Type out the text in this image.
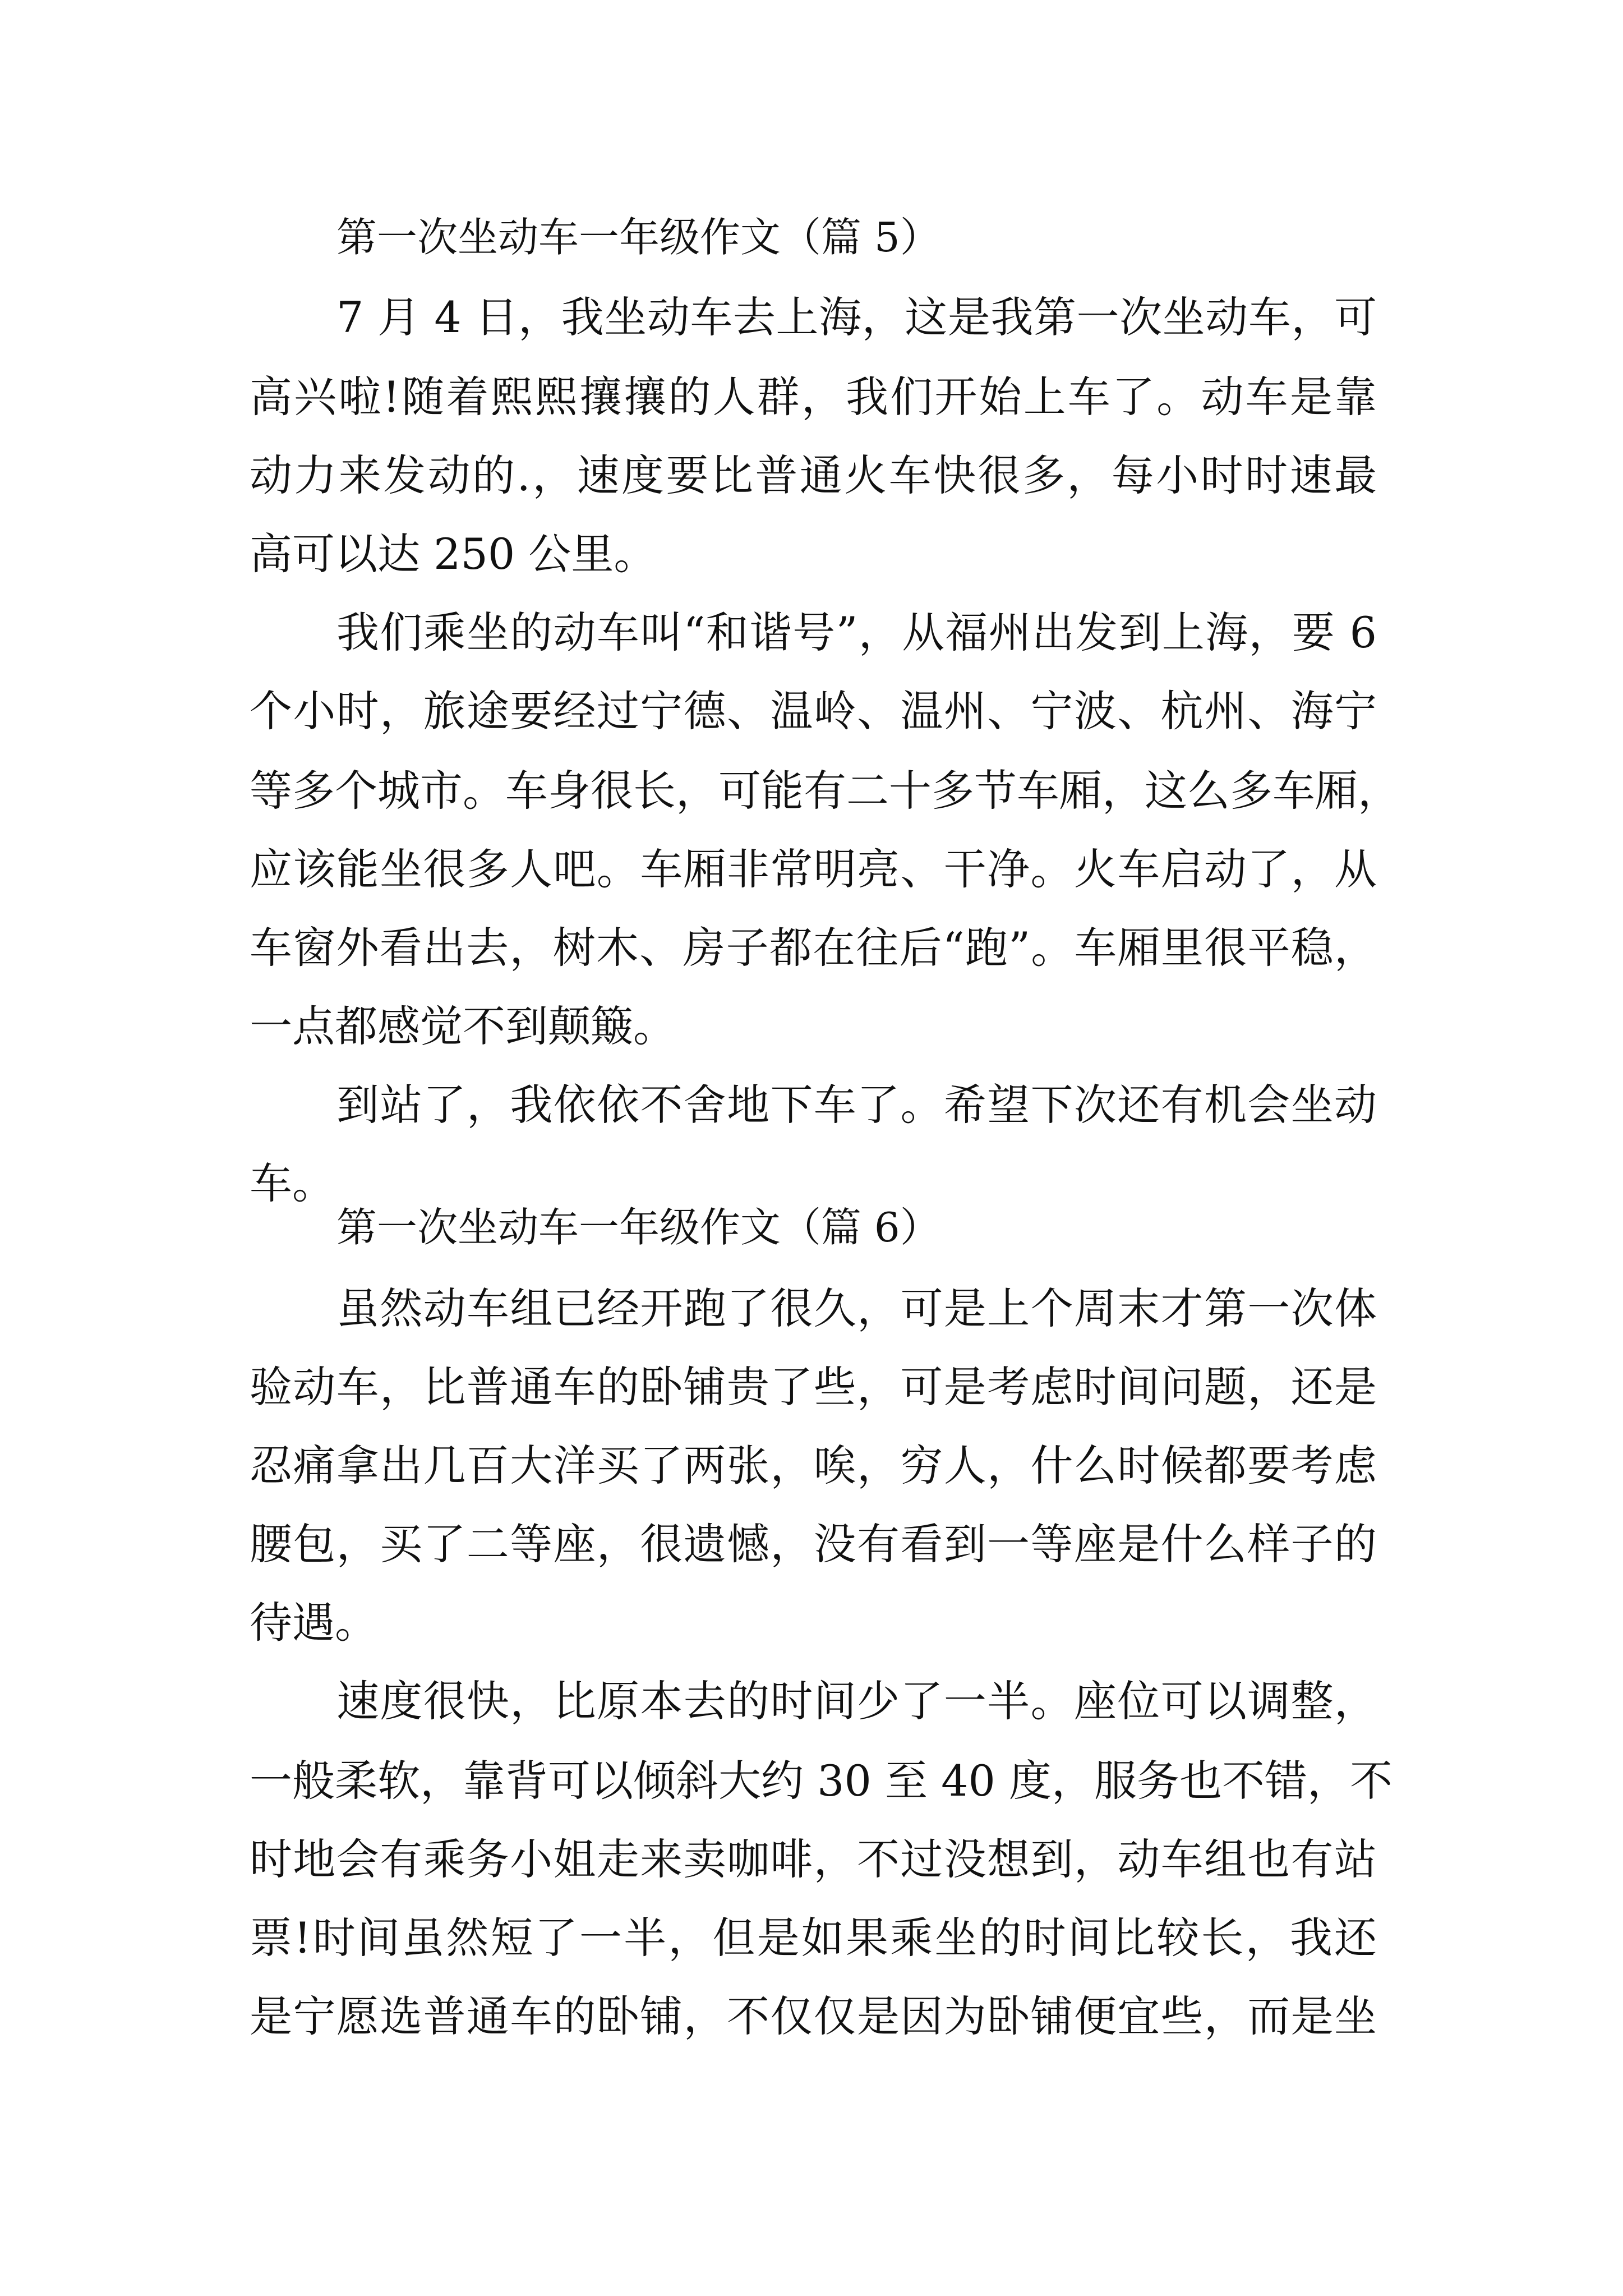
第一次坐动车一年级作文（篇 5）
7 月 4 日，我坐动车去上海，这是我第一次坐动车，可
高兴啦!随着熙熙攘攘的人群，我们开始上车了。动车是靠
动力来发动的.，速度要比普通火车快很多，每小时时速最
高可以达 250 公里。
我们乘坐的动车叫“和谐号”，从福州出发到上海，要 6
个小时，旅途要经过宁德、温岭、温州、宁波、杭州、海宁
等多个城市。车身很长，可能有二十多节车厢，这么多车厢，
应该能坐很多人吧。车厢非常明亮、干净。火车启动了，从
车窗外看出去，树木、房子都在往后“跑”。车厢里很平稳，
一点都感觉不到颠簸。
到站了，我依依不舍地下车了。希望下次还有机会坐动
车。
第一次坐动车一年级作文（篇 6）
虽然动车组已经开跑了很久，可是上个周末才第一次体
验动车，比普通车的卧铺贵了些，可是考虑时间问题，还是
忍痛拿出几百大洋买了两张，唉，穷人，什么时候都要考虑
腰包，买了二等座，很遗憾，没有看到一等座是什么样子的
待遇。
速度很快，比原本去的时间少了一半。座位可以调整，
一般柔软，靠背可以倾斜大约 30 至 40 度，服务也不错，不
时地会有乘务小姐走来卖咖啡，不过没想到，动车组也有站
票!时间虽然短了一半，但是如果乘坐的时间比较长，我还
是宁愿选普通车的卧铺，不仅仅是因为卧铺便宜些，而是坐
